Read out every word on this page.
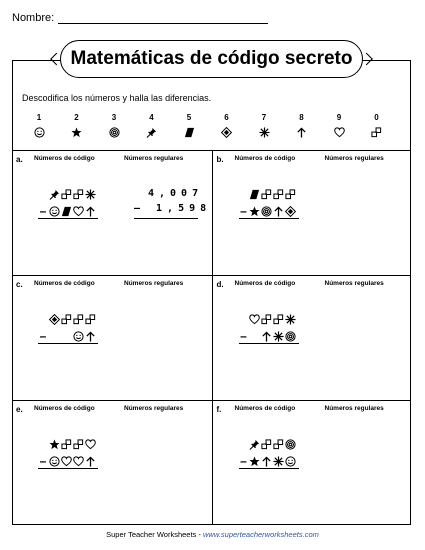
Nombre:
Matemáticas de código secreto
Descodifica los números y halla las diferencias.
1	2	3	4	5	6	7	8	9	0
a.	Números de código	Números regulares
–
4,007
– 1,598
b.	Números de código	Números regulares
–
c.	Números de código	Números regulares
–
d.	Números de código	Números regulares
–
e.	Números de código	Números regulares
–
f.	Números de código	Números regulares
–
Super Teacher Worksheets - www.superteacherworksheets.com
